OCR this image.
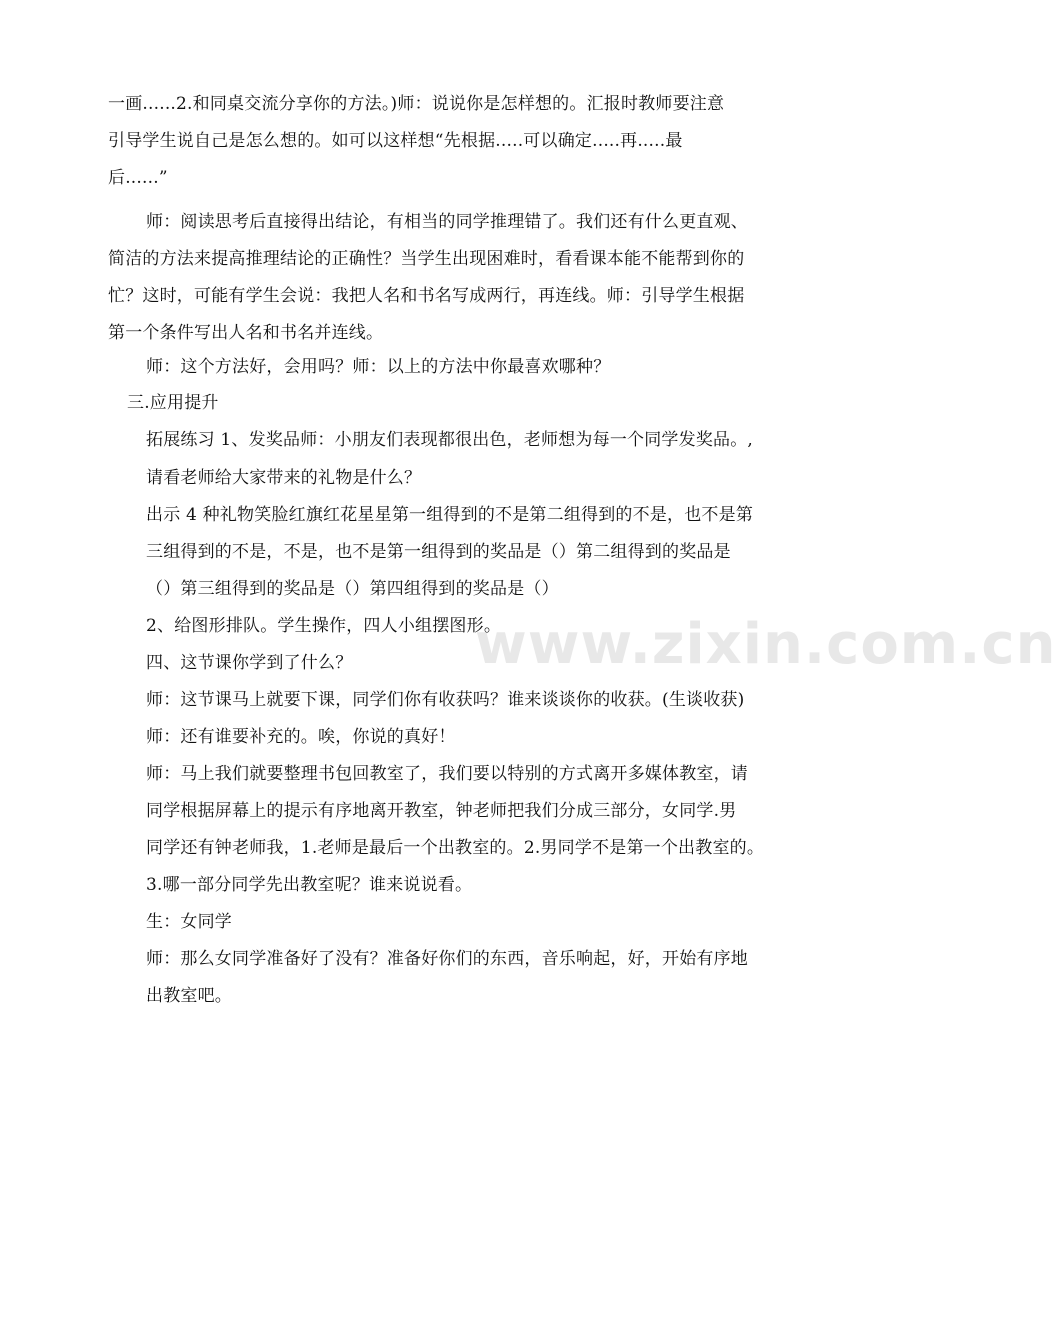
一画......2.和同桌交流分享你的方法。)师：说说你是怎样想的。汇报时教师要注意
引导学生说自己是怎么想的。如可以这样想“先根据.....可以确定.....再.....最
后......”
师：阅读思考后直接得出结论，有相当的同学推理错了。我们还有什么更直观、
简洁的方法来提高推理结论的正确性？当学生出现困难时，看看课本能不能帮到你的
忙？这时，可能有学生会说：我把人名和书名写成两行，再连线。师：引导学生根据
第一个条件写出人名和书名并连线。
师：这个方法好，会用吗？师：以上的方法中你最喜欢哪种？
三.应用提升
拓展练习 1、发奖品师：小朋友们表现都很出色，老师想为每一个同学发奖品。,
请看老师给大家带来的礼物是什么？
出示 4 种礼物笑脸红旗红花星星第一组得到的不是第二组得到的不是，也不是第
三组得到的不是，不是，也不是第一组得到的奖品是（）第二组得到的奖品是
（）第三组得到的奖品是（）第四组得到的奖品是（）
2、给图形排队。学生操作，四人小组摆图形。
四、这节课你学到了什么？
师：这节课马上就要下课，同学们你有收获吗？谁来谈谈你的收获。(生谈收获)
师：还有谁要补充的。唉，你说的真好！
师：马上我们就要整理书包回教室了，我们要以特别的方式离开多媒体教室，请
同学根据屏幕上的提示有序地离开教室，钟老师把我们分成三部分，女同学.男
同学还有钟老师我，1.老师是最后一个出教室的。2.男同学不是第一个出教室的。
3.哪一部分同学先出教室呢？谁来说说看。
生：女同学
师：那么女同学准备好了没有？准备好你们的东西，音乐响起，好，开始有序地
出教室吧。
www.zixin.com.cn
